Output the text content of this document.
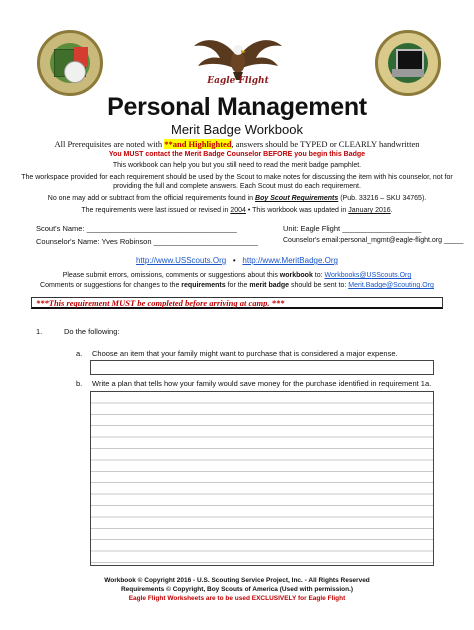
Eagle Flight
Personal Management
Merit Badge Workbook
All Prerequisites are noted with **and Highlighted, answers should be TYPED or CLEARLY handwritten
You MUST contact the Merit Badge Counselor BEFORE you begin this Badge
This workbook can help you but you still need to read the merit badge pamphlet.
The workspace provided for each requirement should be used by the Scout to make notes for discussing the item with his counselor, not for
providing the full and complete answers. Each Scout must do each requirement.
No one may add or subtract from the official requirements found in Boy Scout Requirements (Pub. 33216 – SKU 34765).
The requirements were last issued or revised in 2004 • This workbook was updated in January 2016.
Scout's Name: ____________________________________	Unit: Eagle Flight ___________________
Counselor's Name: Yves Robinson _________________________	Counselor's email:personal_mgmt@eagle-flight.org _____
http://www.USScouts.Org • http://www.MeritBadge.Org
Please submit errors, omissions, comments or suggestions about this workbook to: Workbooks@USScouts.Org
Comments or suggestions for changes to the requirements for the merit badge should be sent to: Merit.Badge@Scouting.Org
***This requirement MUST be completed before arriving at camp. ***
1.	Do the following:
a. Choose an item that your family might want to purchase that is considered a major expense.
b. Write a plan that tells how your family would save money for the purchase identified in requirement 1a.
Workbook © Copyright 2016 - U.S. Scouting Service Project, Inc. - All Rights Reserved
Requirements © Copyright, Boy Scouts of America (Used with permission.)
Eagle Flight Worksheets are to be used EXCLUSIVELY for Eagle Flight
